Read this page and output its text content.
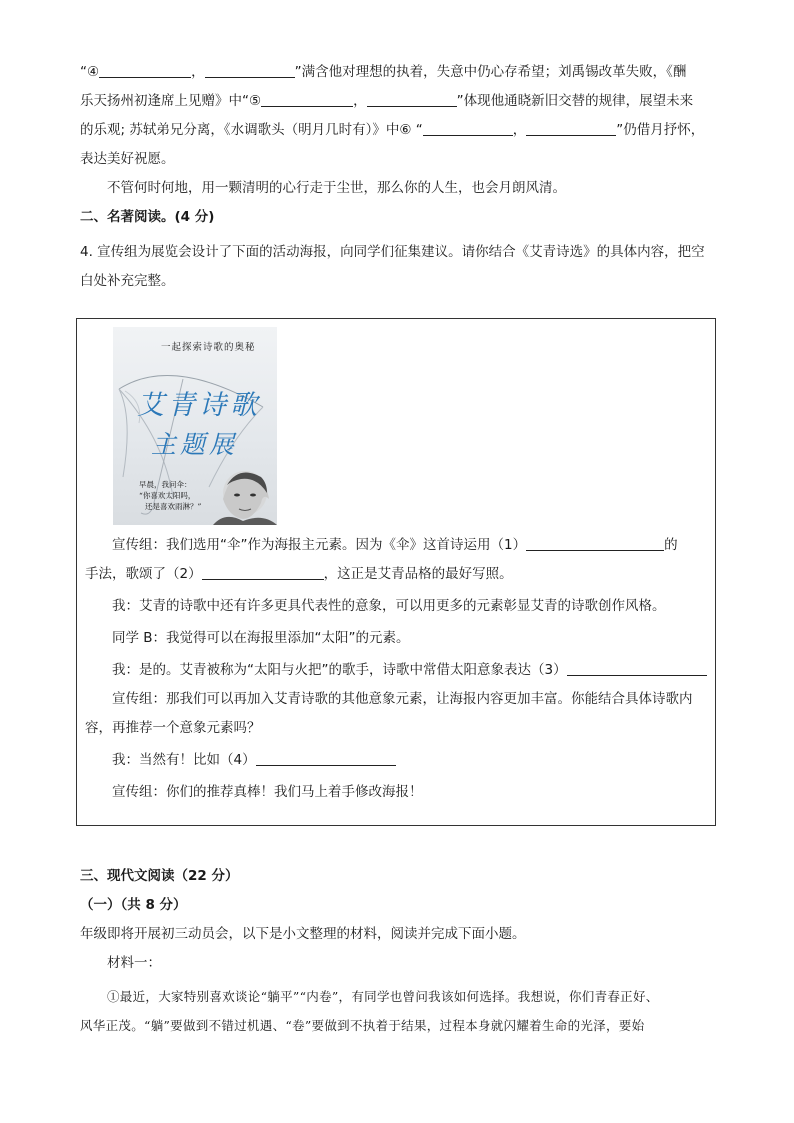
“④	，	”满含他对理想的执着，失意中仍心存希望；刘禹锡改革失败，《酬

乐天扬州初逢席上见赠》中“⑤	，	”体现他通晓新旧交替的规律，展望未来

的乐观; 苏轼弟兄分离，《水调歌头（明月几时有）》中⑥ “	，	”仍借月抒怀，

表达美好祝愿。

不管何时何地，用一颗清明的心行走于尘世，那么你的人生，也会月朗风清。

二、名著阅读。(4 分)

4. 宣传组为展览会设计了下面的活动海报，向同学们征集建议。请你结合《艾青诗选》的具体内容，把空

白处补充完整。

一起探索诗歌的奥秘
艾青诗歌
主题展
早晨，我问伞：
“你喜欢太阳吗，
还是喜欢雨淋？”

宣传组：我们选用“伞”作为海报主元素。因为《伞》这首诗运用（1）	的

手法，歌颂了（2）	，这正是艾青品格的最好写照。

我：艾青的诗歌中还有许多更具代表性的意象，可以用更多的元素彰显艾青的诗歌创作风格。

同学 B：我觉得可以在海报里添加“太阳”的元素。

我：是的。艾青被称为“太阳与火把”的歌手，诗歌中常借太阳意象表达（3）

宣传组：那我们可以再加入艾青诗歌的其他意象元素，让海报内容更加丰富。你能结合具体诗歌内

容，再推荐一个意象元素吗？

我：当然有！比如（4）

宣传组：你们的推荐真棒！我们马上着手修改海报！

三、现代文阅读（22 分）
（一）（共 8 分）

年级即将开展初三动员会，以下是小文整理的材料，阅读并完成下面小题。

材料一：

①最近，大家特别喜欢谈论“躺平”“内卷”，有同学也曾问我该如何选择。我想说，你们青春正好、

风华正茂。“躺”要做到不错过机遇、“卷”要做到不执着于结果，过程本身就闪耀着生命的光泽，要始
